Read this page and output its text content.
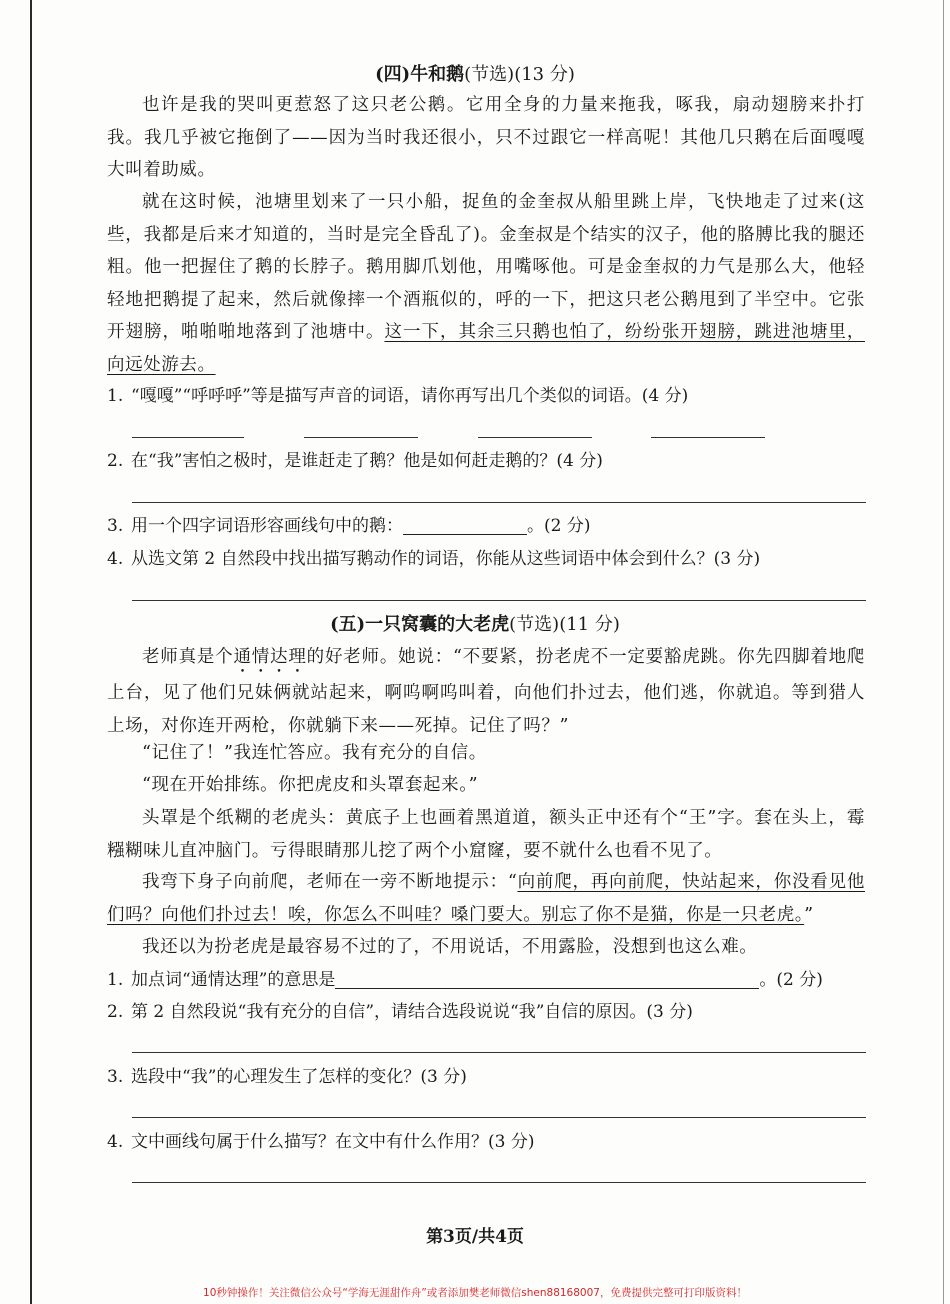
(四)牛和鹅(节选)(13 分)

也许是我的哭叫更惹怒了这只老公鹅。它用全身的力量来拖我，啄我，扇动翅膀来扑打我。我几乎被它拖倒了——因为当时我还很小，只不过跟它一样高呢！其他几只鹅在后面嘎嘎大叫着助威。

就在这时候，池塘里划来了一只小船，捉鱼的金奎叔从船里跳上岸，飞快地走了过来(这些，我都是后来才知道的，当时是完全昏乱了)。金奎叔是个结实的汉子，他的胳膊比我的腿还粗。他一把握住了鹅的长脖子。鹅用脚爪划他，用嘴啄他。可是金奎叔的力气是那么大，他轻轻地把鹅提了起来，然后就像摔一个酒瓶似的，呼的一下，把这只老公鹅甩到了半空中。它张开翅膀，啪啪啪地落到了池塘中。这一下，其余三只鹅也怕了，纷纷张开翅膀，跳进池塘里，向远处游去。

1. “嘎嘎”“呼呼呼”等是描写声音的词语，请你再写出几个类似的词语。(4 分)
2. 在“我”害怕之极时，是谁赶走了鹅？他是如何赶走鹅的？(4 分)
3. 用一个四字词语形容画线句中的鹅：	。(2 分)
4. 从选文第 2 自然段中找出描写鹅动作的词语，你能从这些词语中体会到什么？(3 分)
(五)一只窝囊的大老虎(节选)(11 分)

老师真是个通情达理的好老师。她说：“不要紧，扮老虎不一定要豁虎跳。你先四脚着地爬上台，见了他们兄妹俩就站起来，啊呜啊呜叫着，向他们扑过去，他们逃，你就追。等到猎人上场，对你连开两枪，你就躺下来——死掉。记住了吗？”

“记住了！”我连忙答应。我有充分的自信。

“现在开始排练。你把虎皮和头罩套起来。”

头罩是个纸糊的老虎头：黄底子上也画着黑道道，额头正中还有个“王”字。套在头上，霉糨糊味儿直冲脑门。亏得眼睛那儿挖了两个小窟窿，要不就什么也看不见了。

我弯下身子向前爬，老师在一旁不断地提示：“向前爬，再向前爬，快站起来，你没看见他们吗？向他们扑过去！唉，你怎么不叫哇？嗓门要大。别忘了你不是猫，你是一只老虎。”

我还以为扮老虎是最容易不过的了，不用说话，不用露脸，没想到也这么难。

1. 加点词“通情达理”的意思是	。(2 分)
2. 第 2 自然段说“我有充分的自信”，请结合选段说说“我”自信的原因。(3 分)
3. 选段中“我”的心理发生了怎样的变化？(3 分)
4. 文中画线句属于什么描写？在文中有什么作用？(3 分)
第3页/共4页
10秒钟操作！关注微信公众号“学海无涯甜作舟”或者添加樊老师微信shen88168007，免费提供完整可打印版资料！
